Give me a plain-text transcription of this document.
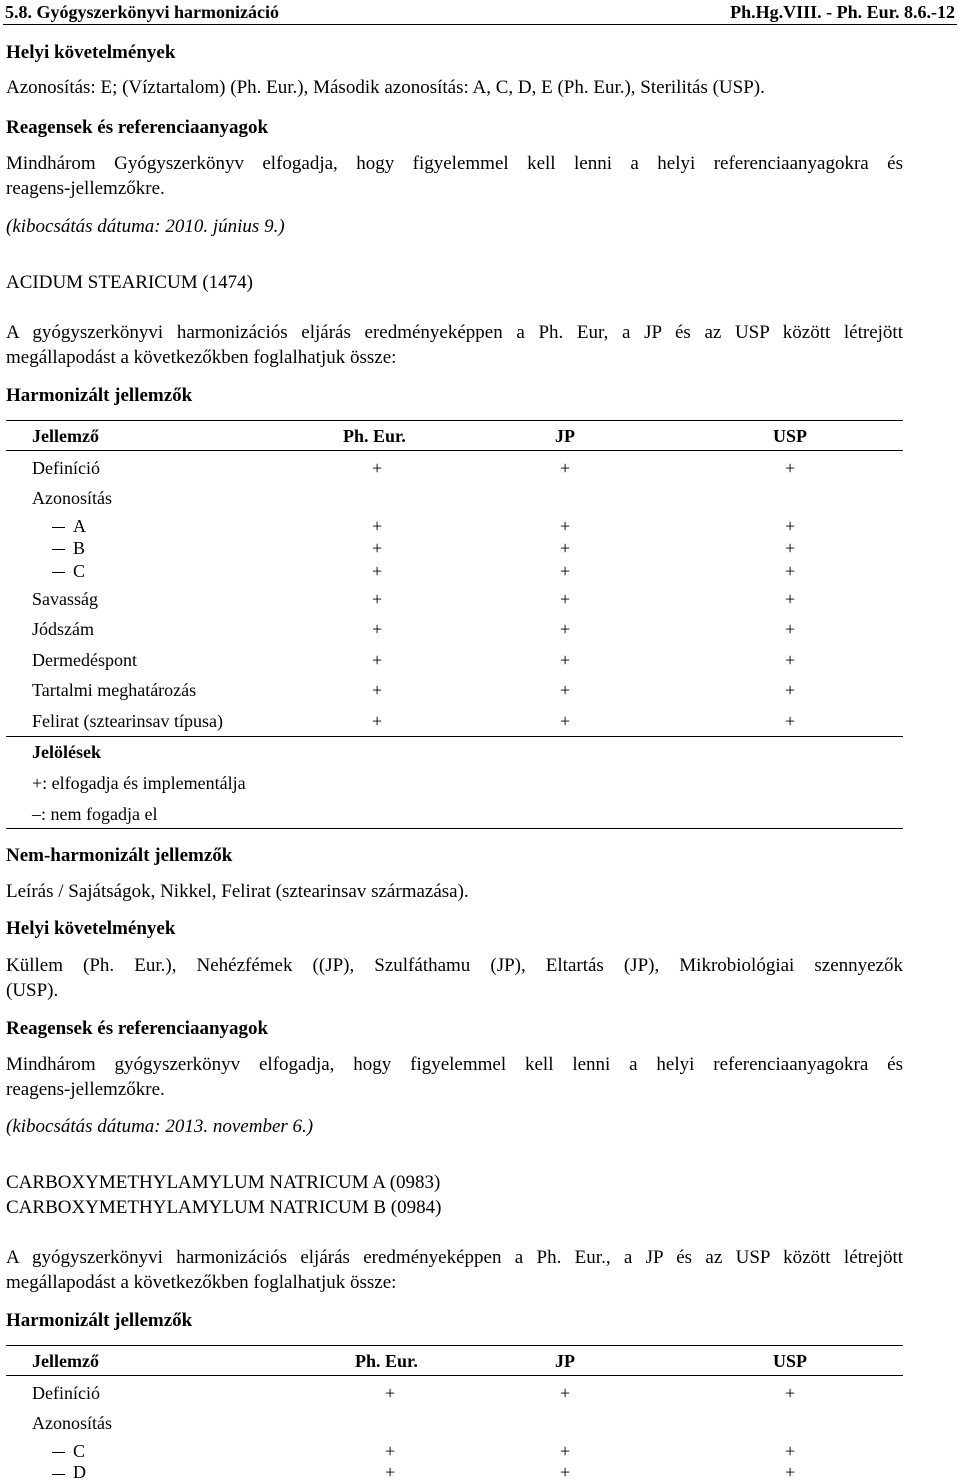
5.8. Gyógyszerkönyvi harmonizáció	Ph.Hg.VIII. - Ph. Eur. 8.6.-12
Helyi követelmények
Azonosítás: E; (Víztartalom) (Ph. Eur.), Második azonosítás: A, C, D, E (Ph. Eur.), Sterilitás (USP).
Reagensek és referenciaanyagok
Mindhárom Gyógyszerkönyv elfogadja, hogy figyelemmel kell lenni a helyi referenciaanyagokra és
reagens-jellemzőkre.
(kibocsátás dátuma: 2010. június 9.)
ACIDUM STEARICUM (1474)
A gyógyszerkönyvi harmonizációs eljárás eredményeképpen a Ph. Eur, a JP és az USP között létrejött
megállapodást a következőkben foglalhatjuk össze:
Harmonizált jellemzők
Jellemző	Ph. Eur.	JP	USP
Definíció	+	+	+
Azonosítás
A	+	+	+
B	+	+	+
C	+	+	+
Savasság	+	+	+
Jódszám	+	+	+
Dermedéspont	+	+	+
Tartalmi meghatározás	+	+	+
Felirat (sztearinsav típusa)	+	+	+
Jelölések
+: elfogadja és implementálja
–: nem fogadja el
Nem-harmonizált jellemzők
Leírás / Sajátságok, Nikkel, Felirat (sztearinsav származása).
Helyi követelmények
Küllem (Ph. Eur.), Nehézfémek ((JP), Szulfáthamu (JP), Eltartás (JP), Mikrobiológiai szennyezők
(USP).
Reagensek és referenciaanyagok
Mindhárom gyógyszerkönyv elfogadja, hogy figyelemmel kell lenni a helyi referenciaanyagokra és
reagens-jellemzőkre.
(kibocsátás dátuma: 2013. november 6.)
CARBOXYMETHYLAMYLUM NATRICUM A (0983)
CARBOXYMETHYLAMYLUM NATRICUM B (0984)
A gyógyszerkönyvi harmonizációs eljárás eredményeképpen a Ph. Eur., a JP és az USP között létrejött
megállapodást a következőkben foglalhatjuk össze:
Harmonizált jellemzők
Jellemző	Ph. Eur.	JP	USP
Definíció	+	+	+
Azonosítás
C	+	+	+
D	+	+	+
